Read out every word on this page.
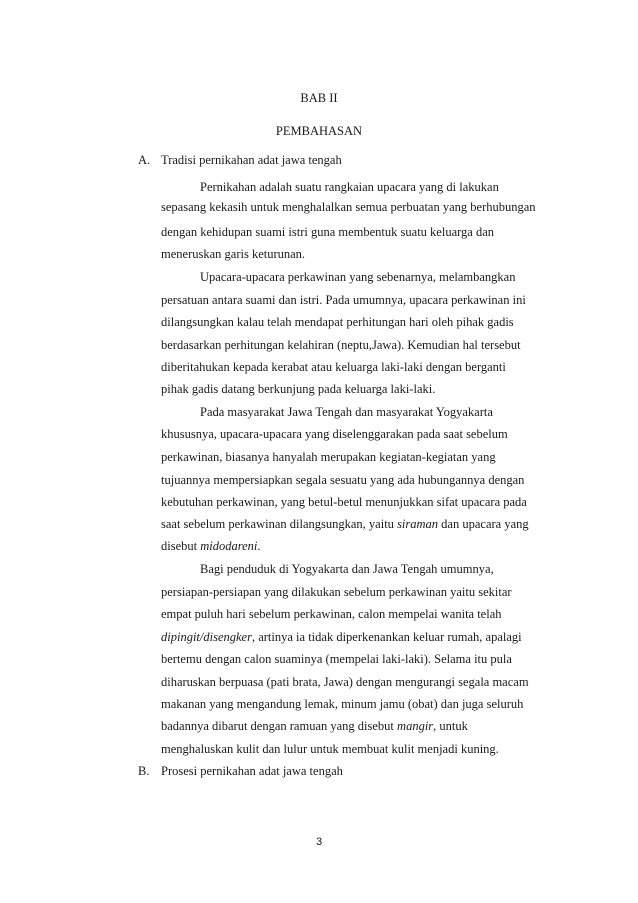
BAB II
PEMBAHASAN
A. Tradisi pernikahan adat jawa tengah
Pernikahan adalah suatu rangkaian upacara yang di lakukan
sepasang kekasih untuk menghalalkan semua perbuatan yang berhubungan
dengan kehidupan suami istri guna membentuk suatu keluarga dan
meneruskan garis keturunan.
Upacara-upacara perkawinan yang sebenarnya, melambangkan
persatuan antara suami dan istri. Pada umumnya, upacara perkawinan ini
dilangsungkan kalau telah mendapat perhitungan hari oleh pihak gadis
berdasarkan perhitungan kelahiran (neptu,Jawa). Kemudian hal tersebut
diberitahukan kepada kerabat atau keluarga laki-laki dengan berganti
pihak gadis datang berkunjung pada keluarga laki-laki.
Pada masyarakat Jawa Tengah dan masyarakat Yogyakarta
khususnya, upacara-upacara yang diselenggarakan pada saat sebelum
perkawinan, biasanya hanyalah merupakan kegiatan-kegiatan yang
tujuannya mempersiapkan segala sesuatu yang ada hubungannya dengan
kebutuhan perkawinan, yang betul-betul menunjukkan sifat upacara pada
saat sebelum perkawinan dilangsungkan, yaitu siraman dan upacara yang
disebut midodareni.
Bagi penduduk di Yogyakarta dan Jawa Tengah umumnya,
persiapan-persiapan yang dilakukan sebelum perkawinan yaitu sekitar
empat puluh hari sebelum perkawinan, calon mempelai wanita telah
dipingit/disengker, artinya ia tidak diperkenankan keluar rumah, apalagi
bertemu dengan calon suaminya (mempelai laki-laki). Selama itu pula
diharuskan berpuasa (pati brata, Jawa) dengan mengurangi segala macam
makanan yang mengandung lemak, minum jamu (obat) dan juga seluruh
badannya dibarut dengan ramuan yang disebut mangir, untuk
menghaluskan kulit dan lulur untuk membuat kulit menjadi kuning.
B. Prosesi pernikahan adat jawa tengah
3
